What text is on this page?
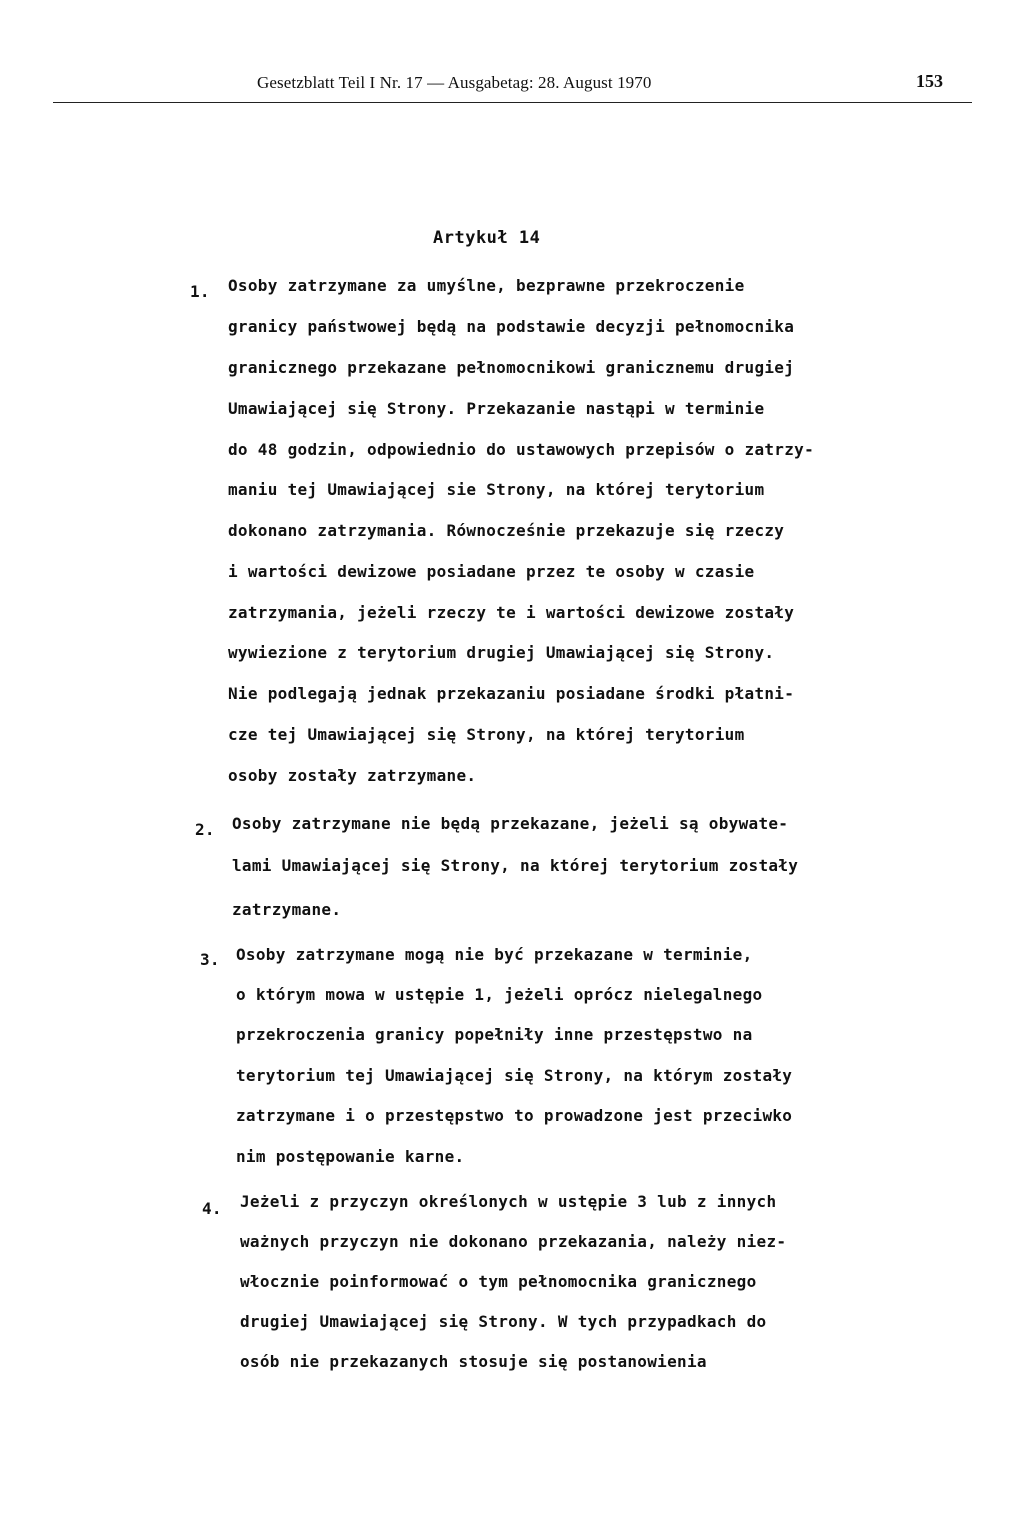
Gesetzblatt Teil I Nr. 17 — Ausgabetag: 28. August 1970	153
Artykuł 14
1. Osoby zatrzymane za umyślne, bezprawne przekroczenie
granicy państwowej będą na podstawie decyzji pełnomocnika
granicznego przekazane pełnomocnikowi granicznemu drugiej
Umawiającej się Strony. Przekazanie nastąpi w terminie
do 48 godzin, odpowiednio do ustawowych przepisów o zatrzy-
maniu tej Umawiającej sie Strony, na której terytorium
dokonano zatrzymania. Równocześnie przekazuje się rzeczy
i wartości dewizowe posiadane przez te osoby w czasie
zatrzymania, jeżeli rzeczy te i wartości dewizowe zostały
wywiezione z terytorium drugiej Umawiającej się Strony.
Nie podlegają jednak przekazaniu posiadane środki płatni-
cze tej Umawiającej się Strony, na której terytorium
osoby zostały zatrzymane.
2. Osoby zatrzymane nie będą przekazane, jeżeli są obywate-
lami Umawiającej się Strony, na której terytorium zostały
zatrzymane.
3. Osoby zatrzymane mogą nie być przekazane w terminie,
o którym mowa w ustępie 1, jeżeli oprócz nielegalnego
przekroczenia granicy popełniły inne przestępstwo na
terytorium tej Umawiającej się Strony, na którym zostały
zatrzymane i o przestępstwo to prowadzone jest przeciwko
nim postępowanie karne.
4. Jeżeli z przyczyn określonych w ustępie 3 lub z innych
ważnych przyczyn nie dokonano przekazania, należy niez-
włocznie poinformować o tym pełnomocnika granicznego
drugiej Umawiającej się Strony. W tych przypadkach do
osób nie przekazanych stosuje się postanowienia
